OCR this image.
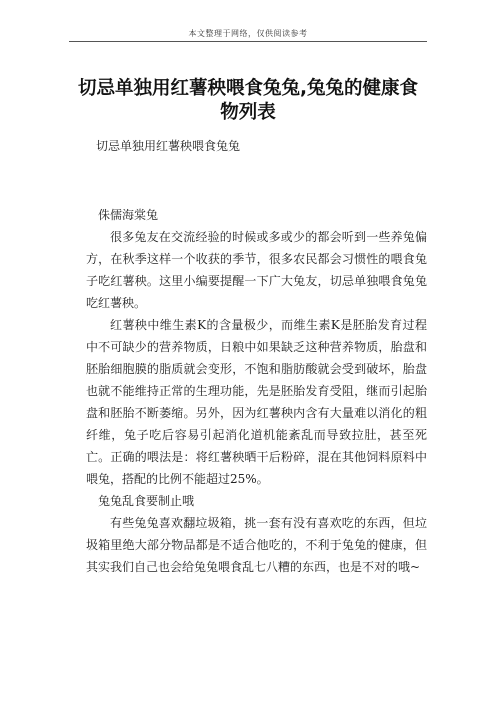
本文整理于网络，仅供阅读参考
切忌单独用红薯秧喂食兔兔,兔兔的健康食物列表
切忌单独用红薯秧喂食兔兔

侏儒海棠兔

很多兔友在交流经验的时候或多或少的都会听到一些养兔偏方，在秋季这样一个收获的季节，很多农民都会习惯性的喂食兔子吃红薯秧。这里小编要提醒一下广大兔友，切忌单独喂食兔兔吃红薯秧。

红薯秧中维生素K的含量极少，而维生素K是胚胎发育过程中不可缺少的营养物质，日粮中如果缺乏这种营养物质，胎盘和胚胎细胞膜的脂质就会变形，不饱和脂肪酸就会受到破坏，胎盘也就不能维持正常的生理功能，先是胚胎发育受阻，继而引起胎盘和胚胎不断萎缩。另外，因为红薯秧内含有大量难以消化的粗纤维，兔子吃后容易引起消化道机能紊乱而导致拉肚，甚至死亡。正确的喂法是：将红薯秧晒干后粉碎，混在其他饲料原料中喂兔，搭配的比例不能超过25%。

兔兔乱食要制止哦

有些兔兔喜欢翻垃圾箱，挑一套有没有喜欢吃的东西，但垃圾箱里绝大部分物品都是不适合他吃的，不利于兔兔的健康，但其实我们自己也会给兔兔喂食乱七八糟的东西，也是不对的哦~
